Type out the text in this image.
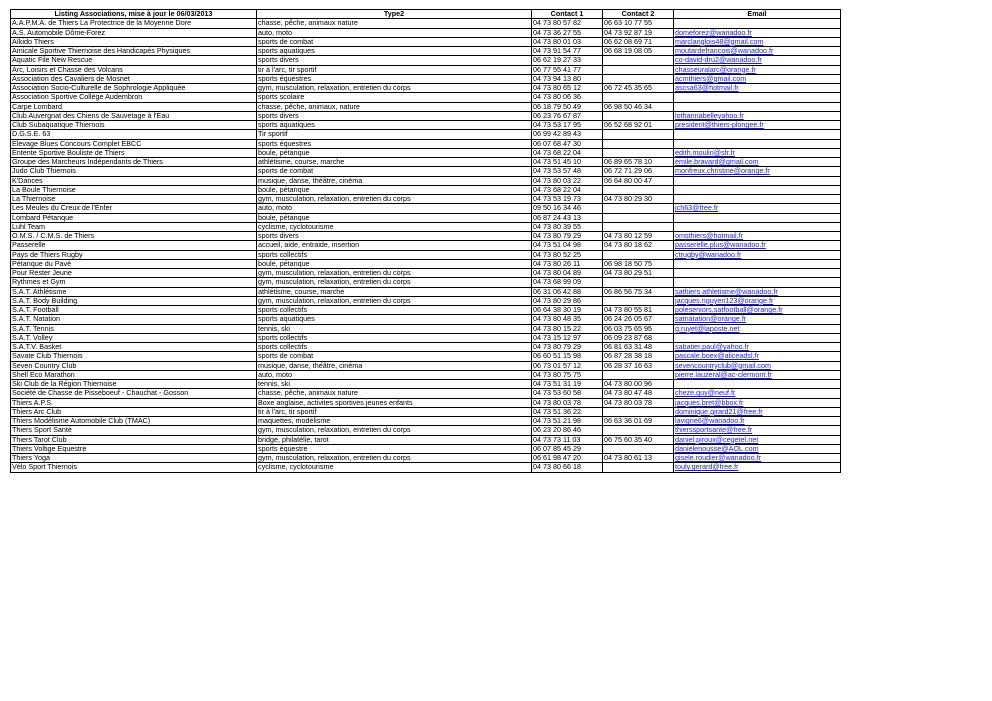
Listing Associations, mise à jour le 06/03/2013	Type2	Contact 1	Contact 2	Email
A.A.P.M.A. de Thiers La Protectrice de la Moyenne Dore	chasse, pêche, animaux nature	04 73 80 57 82	06 63 10 77 55	
A.S. Automobile Dôme-Forez	auto, moto	04 73 36 27 55	04 73 92 87 19	domeforez@wanadoo.fr
Aïkido Thiers	sports de combat	04 73 80 01 03	06 62 08 69 71	marclanglois48@gmail.com
Amicale Sportive Thiernoise des Handicapés Physiques	sports aquatiques	04 73 91 54 77	06 68 19 08 05	moutardefrancois@wanadoo.fr
Aquatic File New Rescue	sports divers	06 62 19 27 33		co-david-dru2@wanadoo.fr
Arc, Loisirs et Chasse des Volcans	tir à l'arc, tir sportif	06 77 55 41 77		chasseuralarc@orange.fr
Association des Cavaliers de Mosnet	sports équestres	04 73 94 13 80		acmthiers@gmail.com
Association Socio-Culturelle de Sophrologie Appliquée	gym, musculation, relaxation, entretien du corps	04 73 80 65 12	06 72 45 35 65	ascsa63@hotmail.fr
Association Sportive Collège Audembron	sports scolaire	04 73 80 06 36		
Carpe Lombard	chasse, pêche, animaux, nature	06 18 79 50 49	06 98 50 46 34	
Club Auvergnat des Chiens de Sauvetage à l'Eau	sports divers	06 23 76 67 87		lothannabelleyahoo.fr
Club Subaquatique Thiernois	sports aquatiques	04 73 53 17 95	06 52 68 92 01	president@thiers-plongee.fr
D.G.S.E. 63	Tir sportif	06 99 42 89 43		
Elevage Blues Concours Complet EBCC	sports équestres	06 07 68 47 30		
Entente Sportive Bouliste de Thiers	boule, pétanque	04 73 68 22 04		edith.moulin@sfr.fr
Groupe des Marcheurs Indépendants de Thiers	athlétisme, course, marche	04 73 51 45 10	06 89 65 78 10	emile.bravard@gmail.com
Judo Club Thiernois	sports de combat	04 73 53 57 48	06 72 71 29 06	monfreux.christine@orange.fr
K'Dances	musique, danse, théâtre, cinéma	04 73 80 03 22	06 64 80 00 47	
La Boule Thiernoise	boule, pétanque	04 73 68 22 04		
La Thiernoise	gym, musculation, relaxation, entretien du corps	04 73 53 19 73	04 73 80 29 30	
Les Meules du Creux de l'Enfer	auto, moto	09 50 16 34 46		jch63@free.fr
Lombard Pétanque	boule, pétanque	06 87 24 43 13		
Luhl Team	cyclisme, cyclotourisme	04 73 80 39 55		
O.M.S. / C.M.S. de Thiers	sports divers	04 73 80 79 29	04 73 80 12 59	omsthiers@hotmail.fr
Passerelle	accueil, aide, entraide, insertion	04 73 51 04 98	04 73 80 18 62	passerelle.plus@wanadoo.fr
Pays de Thiers Rugby	sports collectifs	04 73 80 52 25		ctrugby@wanadoo.fr
Pétanque du Pavé	boule, pétanque	04 73 80 26 11	06 98 18 50 75	
Pour Rester Jeune	gym, musculation, relaxation, entretien du corps	04 73 80 04 89	04 73 80 29 51	
Rythmes et Gym	gym, musculation, relaxation, entretien du corps	04 73 68 99 09		
S.A.T. Athlétisme	athlétisme, course, marche	06 31 06 42 88	06 86 56 75 34	sathiers.athletisme@wanadoo.fr
S.A.T. Body Building	gym, musculation, relaxation, entretien du corps	04 73 80 29 86		jacques.nguyen123@orange.fr
S.A.T. Football	sports collectifs	06 64 38 30 19	04 73 80 55 81	poleseniors.satfootball@orange.fr
S.A.T. Natation	sports aquatiques	04 73 80 48 35	06 24 26 05 67	satnatation@orange.fr
S.A.T. Tennis	tennis, ski	04 73 80 15 22	06 03 75 65 95	g.ruyet@laposte.net
S.A.T. Volley	sports collectifs	04 73 15 12 97	06 09 23 87 68	
S.A.T.V. Basket	sports collectifs	04 73 80 79 29	06 81 63 31 48	sabatier.paul@yahoo.fr
Savate Club Thiernois	sports de combat	06 60 51 15 98	06 87 28 38 18	pascale.boex@aliceadsl.fr
Seven Country Club	musique, danse, théâtre, cinéma	06 73 01 57 12	06 28 37 16 63	sevencountryclub@gmail.com
Shell Eco Marathon	auto, moto	04 73 80 75 75		pierre.lauzeral@ac-clermont.fr
Ski Club de la Région Thiernoise	tennis, ski	04 73 51 31 19	04 73 80 00 96	
Société de Chasse de Pisseboeuf - Chauchat - Gosson	chasse, pêche, animaux nature	04 73 53 60 58	04 73 80 47 48	cheze.guy@neuf.fr
Thiers A.P.S.	Boxe anglaise, activites sportives jeunes enfants	04 73 80 03 78	04 73 80 03 78	jacques.bret@bbox.fr
Thiers Arc Club	tir à l'arc, tir sportif	04 73 51 36 22		dominique.girard21@free.fr
Thiers Modélisme Automobile Club (TMAC)	maquettes, modélisme	04 73 51 21 98	06 63 36 01 69	lavigne6@wanadoo.fr
Thiers Sport Santé	gym, musculation, relaxation, entretien du corps	06 23 20 86 46		thierssportsante@free.fr
Thiers Tarot Club	bridge, philatélie, tarot	04 73 73 11 03	06 75 60 35 40	daniel.piroux@cegetel.net
Thiers Voltige Equestre	sports équestre	06 07 85 45 29		danielenousse@AOL.com
Thiers Yoga	gym, musculation, relaxation, entretien du corps	06 61 98 47 20	04 73 80 61 13	gisele.roudier@wanadoo.fr
Vélo Sport Thiernois	cyclisme, cyclotourisme	04 73 80 66 18		touly.gerard@free.fr
